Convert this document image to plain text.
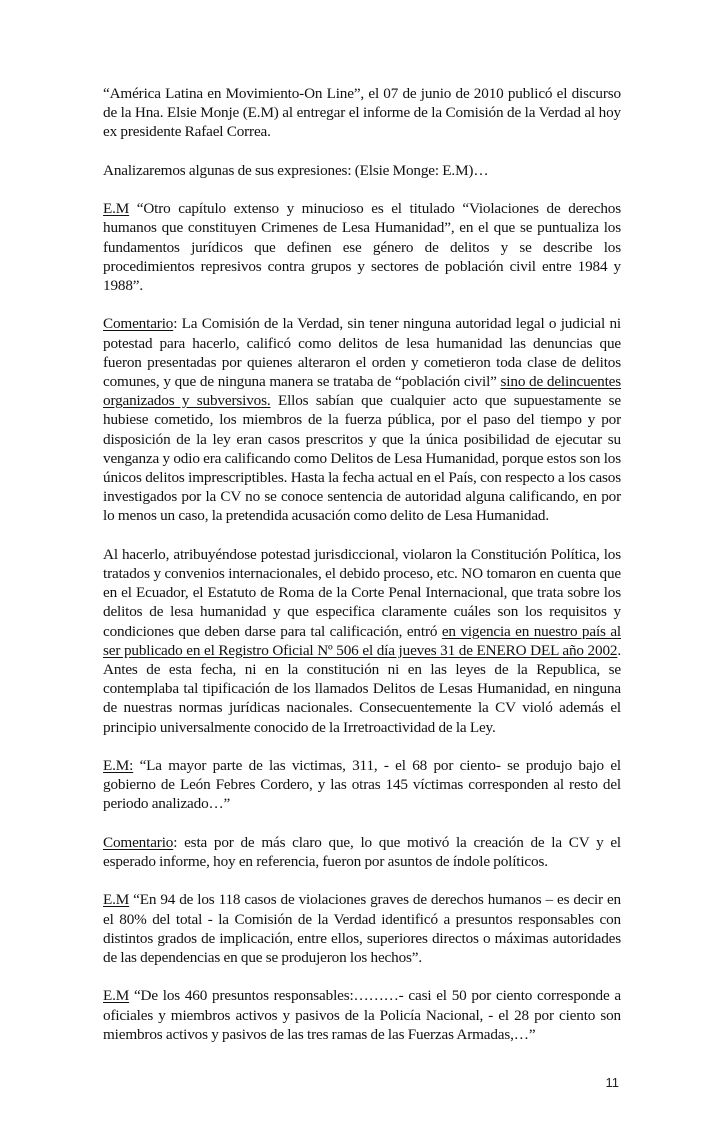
“América Latina en Movimiento-On Line”, el 07 de junio de 2010 publicó el discurso de la Hna. Elsie Monje (E.M) al entregar el informe de la Comisión de la Verdad al hoy ex presidente Rafael Correa.

Analizaremos algunas de sus expresiones: (Elsie Monge: E.M)…

E.M “Otro capítulo extenso y minucioso es el titulado “Violaciones de derechos humanos que constituyen Crimenes de Lesa Humanidad”, en el que se puntualiza los fundamentos jurídicos que definen ese género de delitos y se describe los procedimientos represivos contra grupos y sectores de población civil entre 1984 y 1988”.

Comentario: La Comisión de la Verdad, sin tener ninguna autoridad legal o judicial ni potestad para hacerlo, calificó como delitos de lesa humanidad las denuncias que fueron presentadas por quienes alteraron el orden y cometieron toda clase de delitos comunes, y que de ninguna manera se trataba de “población civil” sino de delincuentes organizados y subversivos. Ellos sabían que cualquier acto que supuestamente se hubiese cometido, los miembros de la fuerza pública, por el paso del tiempo y por disposición de la ley eran casos prescritos y que la única posibilidad de ejecutar su venganza y odio era calificando como Delitos de Lesa Humanidad, porque estos son los únicos delitos imprescriptibles. Hasta la fecha actual en el País, con respecto a los casos investigados por la CV no se conoce sentencia de autoridad alguna calificando, en por lo menos un caso, la pretendida acusación como delito de Lesa Humanidad.

Al hacerlo, atribuyéndose potestad jurisdiccional, violaron la Constitución Política, los tratados y convenios internacionales, el debido proceso, etc. NO tomaron en cuenta que en el Ecuador, el Estatuto de Roma de la Corte Penal Internacional, que trata sobre los delitos de lesa humanidad y que especifica claramente cuáles son los requisitos y condiciones que deben darse para tal calificación, entró en vigencia en nuestro país al ser publicado en el Registro Oficial Nº 506 el día jueves 31 de ENERO DEL año 2002. Antes de esta fecha, ni en la constitución ni en las leyes de la Republica, se contemplaba tal tipificación de los llamados Delitos de Lesas Humanidad, en ninguna de nuestras normas jurídicas nacionales. Consecuentemente la CV violó además el principio universalmente conocido de la Irretroactividad de la Ley.

E.M: “La mayor parte de las victimas, 311, - el 68 por ciento- se produjo bajo el gobierno de León Febres Cordero, y las otras 145 víctimas corresponden al resto del periodo analizado…”

Comentario: esta por de más claro que, lo que motivó la creación de la CV y el esperado informe, hoy en referencia, fueron por asuntos de índole políticos.

E.M “En 94 de los 118 casos de violaciones graves de derechos humanos – es decir en el 80% del total - la Comisión de la Verdad identificó a presuntos responsables con distintos grados de implicación, entre ellos, superiores directos o máximas autoridades de las dependencias en que se produjeron los hechos”.

E.M “De los 460 presuntos responsables:………- casi el 50 por ciento corresponde a oficiales y miembros activos y pasivos de la Policía Nacional, - el 28 por ciento son miembros activos y pasivos de las tres ramas de las Fuerzas Armadas,…”

11
